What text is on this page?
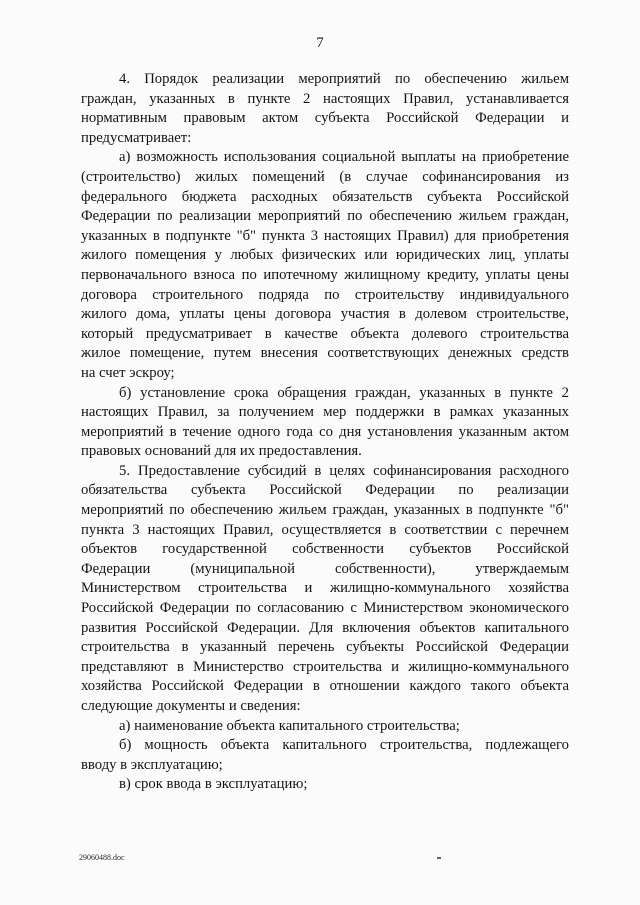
7

4. Порядок реализации мероприятий по обеспечению жильем

граждан, указанных в пункте 2 настоящих Правил, устанавливается

нормативным правовым актом субъекта Российской Федерации и

предусматривает:

а) возможность использования социальной выплаты на приобретение

(строительство) жилых помещений (в случае софинансирования из

федерального бюджета расходных обязательств субъекта Российской

Федерации по реализации мероприятий по обеспечению жильем граждан,

указанных в подпункте "б" пункта 3 настоящих Правил) для приобретения

жилого помещения у любых физических или юридических лиц, уплаты

первоначального взноса по ипотечному жилищному кредиту, уплаты цены

договора строительного подряда по строительству индивидуального

жилого дома, уплаты цены договора участия в долевом строительстве,

который предусматривает в качестве объекта долевого строительства

жилое помещение, путем внесения соответствующих денежных средств

на счет эскроу;

б) установление срока обращения граждан, указанных в пункте 2

настоящих Правил, за получением мер поддержки в рамках указанных

мероприятий в течение одного года со дня установления указанным актом

правовых оснований для их предоставления.

5. Предоставление субсидий в целях софинансирования расходного

обязательства субъекта Российской Федерации по реализации

мероприятий по обеспечению жильем граждан, указанных в подпункте "б"

пункта 3 настоящих Правил, осуществляется в соответствии с перечнем

объектов государственной собственности субъектов Российской

Федерации (муниципальной собственности), утверждаемым

Министерством строительства и жилищно-коммунального хозяйства

Российской Федерации по согласованию с Министерством экономического

развития Российской Федерации. Для включения объектов капитального

строительства в указанный перечень субъекты Российской Федерации

представляют в Министерство строительства и жилищно-коммунального

хозяйства Российской Федерации в отношении каждого такого объекта

следующие документы и сведения:

а) наименование объекта капитального строительства;

б) мощность объекта капитального строительства, подлежащего

вводу в эксплуатацию;

в) срок ввода в эксплуатацию;

29060488.doc
